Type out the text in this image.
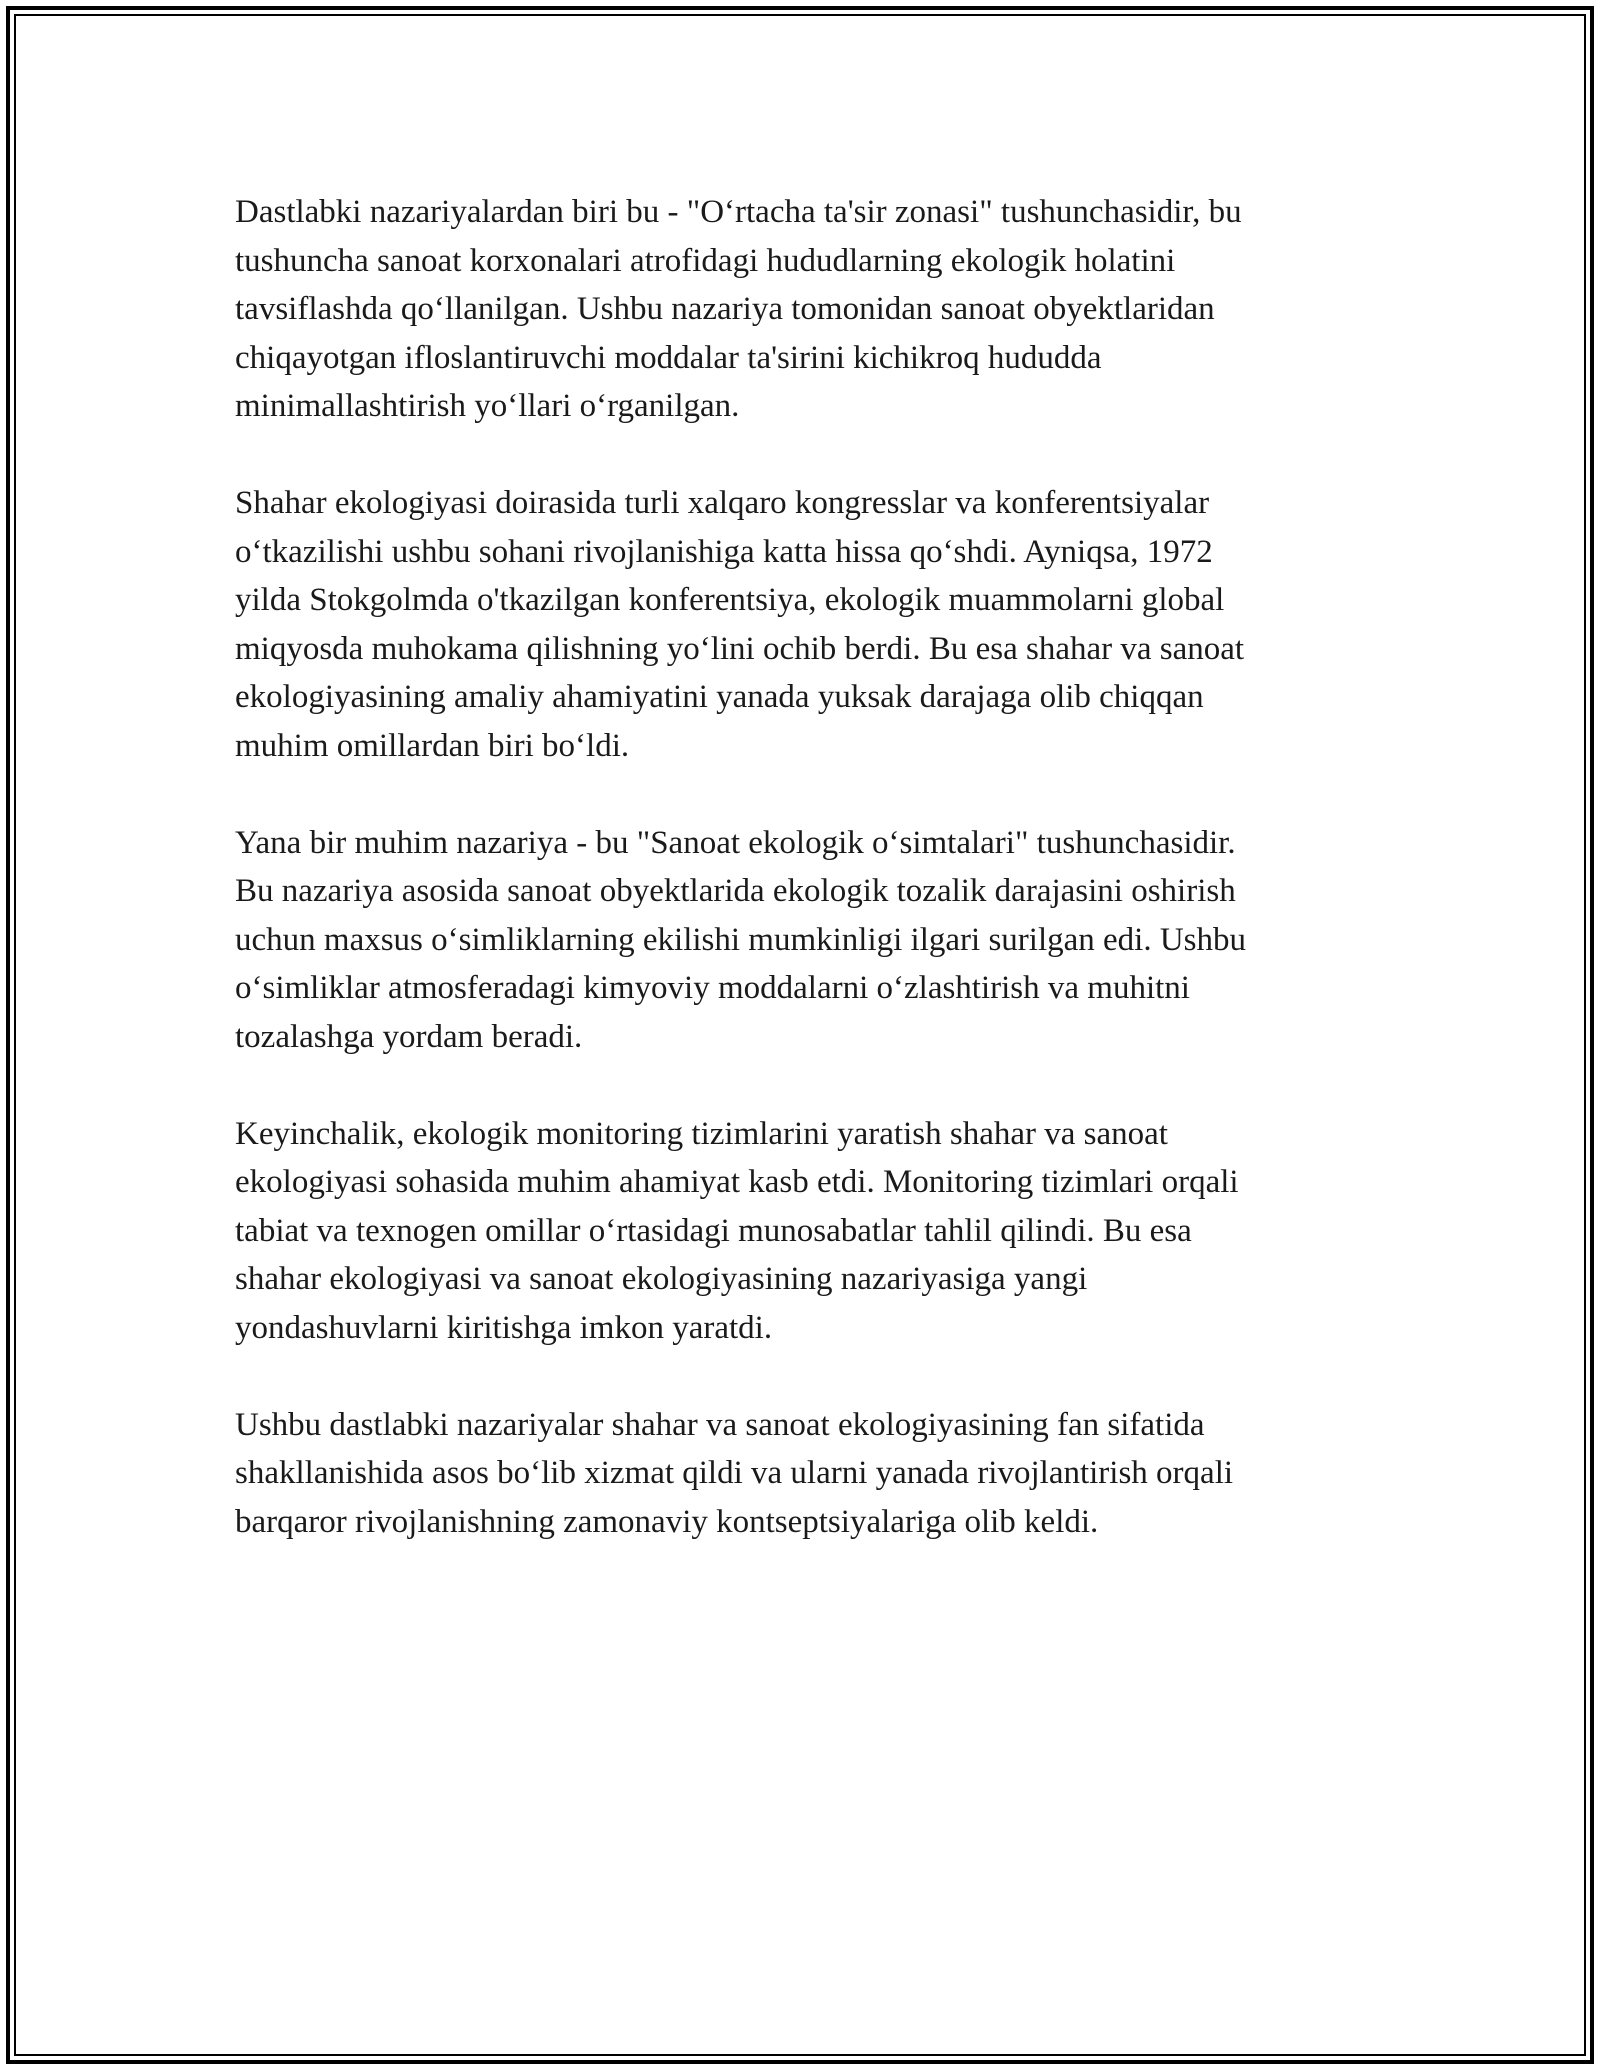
Dastlabki nazariyalardan biri bu - "O‘rtacha ta'sir zonasi" tushunchasidir, bu
tushuncha sanoat korxonalari atrofidagi hududlarning ekologik holatini
tavsiflashda qo‘llanilgan. Ushbu nazariya tomonidan sanoat obyektlaridan
chiqayotgan ifloslantiruvchi moddalar ta'sirini kichikroq hududda
minimallashtirish yo‘llari o‘rganilgan.

Shahar ekologiyasi doirasida turli xalqaro kongresslar va konferentsiyalar
o‘tkazilishi ushbu sohani rivojlanishiga katta hissa qo‘shdi. Ayniqsa, 1972
yilda Stokgolmda o'tkazilgan konferentsiya, ekologik muammolarni global
miqyosda muhokama qilishning yo‘lini ochib berdi. Bu esa shahar va sanoat
ekologiyasining amaliy ahamiyatini yanada yuksak darajaga olib chiqqan
muhim omillardan biri bo‘ldi.

Yana bir muhim nazariya - bu "Sanoat ekologik o‘simtalari" tushunchasidir.
Bu nazariya asosida sanoat obyektlarida ekologik tozalik darajasini oshirish
uchun maxsus o‘simliklarning ekilishi mumkinligi ilgari surilgan edi. Ushbu
o‘simliklar atmosferadagi kimyoviy moddalarni o‘zlashtirish va muhitni
tozalashga yordam beradi.

Keyinchalik, ekologik monitoring tizimlarini yaratish shahar va sanoat
ekologiyasi sohasida muhim ahamiyat kasb etdi. Monitoring tizimlari orqali
tabiat va texnogen omillar o‘rtasidagi munosabatlar tahlil qilindi. Bu esa
shahar ekologiyasi va sanoat ekologiyasining nazariyasiga yangi
yondashuvlarni kiritishga imkon yaratdi.

Ushbu dastlabki nazariyalar shahar va sanoat ekologiyasining fan sifatida
shakllanishida asos bo‘lib xizmat qildi va ularni yanada rivojlantirish orqali
barqaror rivojlanishning zamonaviy kontseptsiyalariga olib keldi.
